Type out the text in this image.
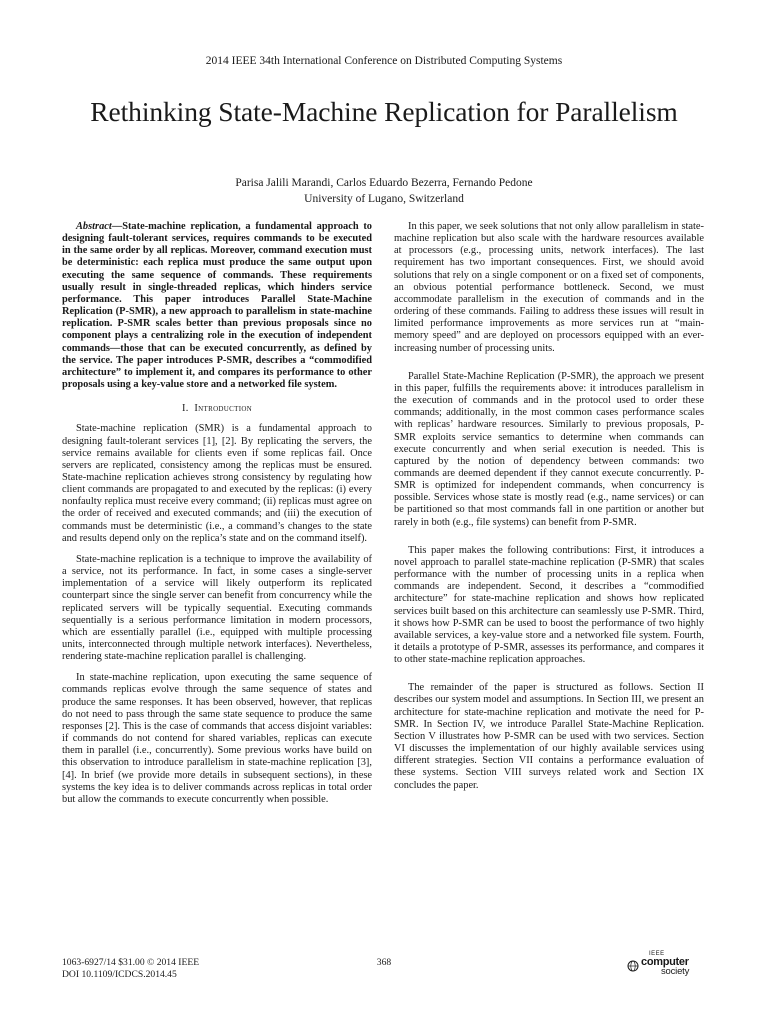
2014 IEEE 34th International Conference on Distributed Computing Systems
Rethinking State-Machine Replication for Parallelism
Parisa Jalili Marandi, Carlos Eduardo Bezerra, Fernando Pedone
University of Lugano, Switzerland

Abstract—State-machine replication, a fundamental approach to designing fault-tolerant services, requires commands to be executed in the same order by all replicas. Moreover, command execution must be deterministic: each replica must produce the same output upon executing the same sequence of commands. These requirements usually result in single-threaded replicas, which hinders service performance. This paper introduces Parallel State-Machine Replication (P-SMR), a new approach to parallelism in state-machine replication. P-SMR scales better than previous proposals since no component plays a centralizing role in the execution of independent commands—those that can be executed concurrently, as defined by the service. The paper introduces P-SMR, describes a “commodified architecture” to implement it, and compares its performance to other proposals using a key-value store and a networked file system.

I. Introduction

State-machine replication (SMR) is a fundamental approach to designing fault-tolerant services [1], [2]. By replicating the servers, the service remains available for clients even if some replicas fail. Once servers are replicated, consistency among the replicas must be ensured. State-machine replication achieves strong consistency by regulating how client commands are propagated to and executed by the replicas: (i) every nonfaulty replica must receive every command; (ii) replicas must agree on the order of received and executed commands; and (iii) the execution of commands must be deterministic (i.e., a command’s changes to the state and results depend only on the replica’s state and on the command itself).

State-machine replication is a technique to improve the availability of a service, not its performance. In fact, in some cases a single-server implementation of a service will likely outperform its replicated counterpart since the single server can benefit from concurrency while the replicated servers will be typically sequential. Executing commands sequentially is a serious performance limitation in modern processors, which are essentially parallel (i.e., equipped with multiple processing units, interconnected through multiple network interfaces). Nevertheless, rendering state-machine replication parallel is challenging.

In state-machine replication, upon executing the same sequence of commands replicas evolve through the same sequence of states and produce the same responses. It has been observed, however, that replicas do not need to pass through the same state sequence to produce the same responses [2]. This is the case of commands that access disjoint variables: if commands do not contend for shared variables, replicas can execute them in parallel (i.e., concurrently). Some previous works have build on this observation to introduce parallelism in state-machine replication [3], [4]. In brief (we provide more details in subsequent sections), in these systems the key idea is to deliver commands across replicas in total order but allow the commands to execute concurrently when possible.

In this paper, we seek solutions that not only allow parallelism in state-machine replication but also scale with the hardware resources available at processors (e.g., processing units, network interfaces). The last requirement has two important consequences. First, we should avoid solutions that rely on a single component or on a fixed set of components, an obvious potential performance bottleneck. Second, we must accommodate parallelism in the execution of commands and in the ordering of these commands. Failing to address these issues will result in limited performance improvements as more services run at “main-memory speed” and are deployed on processors equipped with an ever-increasing number of processing units.

Parallel State-Machine Replication (P-SMR), the approach we present in this paper, fulfills the requirements above: it introduces parallelism in the execution of commands and in the protocol used to order these commands; additionally, in the most common cases performance scales with replicas’ hardware resources. Similarly to previous proposals, P-SMR exploits service semantics to determine when commands can execute concurrently and when serial execution is needed. This is captured by the notion of dependency between commands: two commands are deemed dependent if they cannot execute concurrently. P-SMR is optimized for independent commands, when concurrency is possible. Services whose state is mostly read (e.g., name services) or can be partitioned so that most commands fall in one partition or another but rarely in both (e.g., file systems) can benefit from P-SMR.

This paper makes the following contributions: First, it introduces a novel approach to parallel state-machine replication (P-SMR) that scales performance with the number of processing units in a replica when commands are independent. Second, it describes a “commodified architecture” for state-machine replication and shows how replicated services built based on this architecture can seamlessly use P-SMR. Third, it shows how P-SMR can be used to boost the performance of two highly available services, a key-value store and a networked file system. Fourth, it details a prototype of P-SMR, assesses its performance, and compares it to other state-machine replication approaches.

The remainder of the paper is structured as follows. Section II describes our system model and assumptions. In Section III, we present an architecture for state-machine replication and motivate the need for P-SMR. In Section IV, we introduce Parallel State-Machine Replication. Section V illustrates how P-SMR can be used with two services. Section VI discusses the implementation of our highly available services using different strategies. Section VII contains a performance evaluation of these systems. Section VIII surveys related work and Section IX concludes the paper.

1063-6927/14 $31.00 © 2014 IEEE
DOI 10.1109/ICDCS.2014.45
368
IEEE
computer
society
